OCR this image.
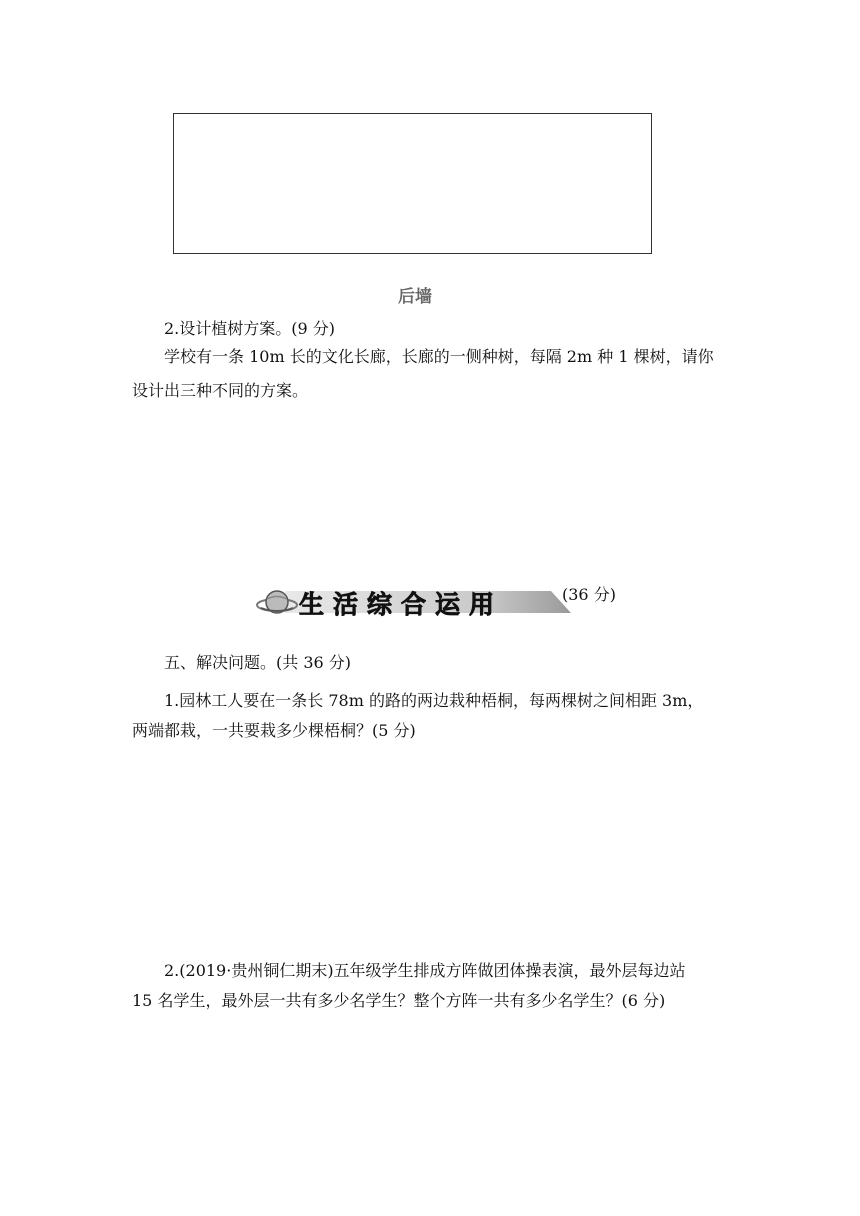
后墙
2.设计植树方案。(9 分)
学校有一条 10m 长的文化长廊，长廊的一侧种树，每隔 2m 种 1 棵树，请你
设计出三种不同的方案。
生活综合运用	(36 分)
五、解决问题。(共 36 分)
1.园林工人要在一条长 78m 的路的两边栽种梧桐，每两棵树之间相距 3m，
两端都栽，一共要栽多少棵梧桐？(5 分)
2.(2019·贵州铜仁期末)五年级学生排成方阵做团体操表演，最外层每边站
15 名学生，最外层一共有多少名学生？整个方阵一共有多少名学生？(6 分)
